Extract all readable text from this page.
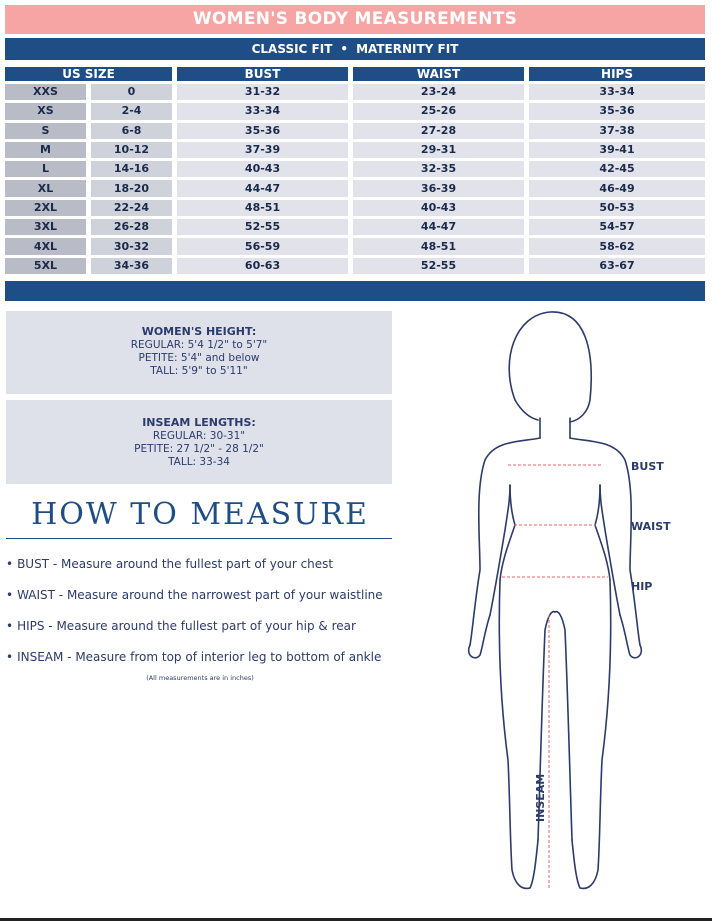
WOMEN'S BODY MEASUREMENTS
CLASSIC FIT • MATERNITY FIT
US SIZE		BUST	WAIST	HIPS
XXS	0	31-32	23-24	33-34
XS	2-4	33-34	25-26	35-36
S	6-8	35-36	27-28	37-38
M	10-12	37-39	29-31	39-41
L	14-16	40-43	32-35	42-45
XL	18-20	44-47	36-39	46-49
2XL	22-24	48-51	40-43	50-53
3XL	26-28	52-55	44-47	54-57
4XL	30-32	56-59	48-51	58-62
5XL	34-36	60-63	52-55	63-67
WOMEN'S HEIGHT:
REGULAR: 5'4 1/2" to 5'7"
PETITE: 5'4" and below
TALL: 5'9" to 5'11"
INSEAM LENGTHS:
REGULAR: 30-31"
PETITE: 27 1/2" - 28 1/2"
TALL: 33-34
HOW TO MEASURE
• BUST - Measure around the fullest part of your chest
• WAIST - Measure around the narrowest part of your waistline
• HIPS - Measure around the fullest part of your hip & rear
• INSEAM - Measure from top of interior leg to bottom of ankle
(All measurements are in inches)
BUST
WAIST
HIP
INSEAM
